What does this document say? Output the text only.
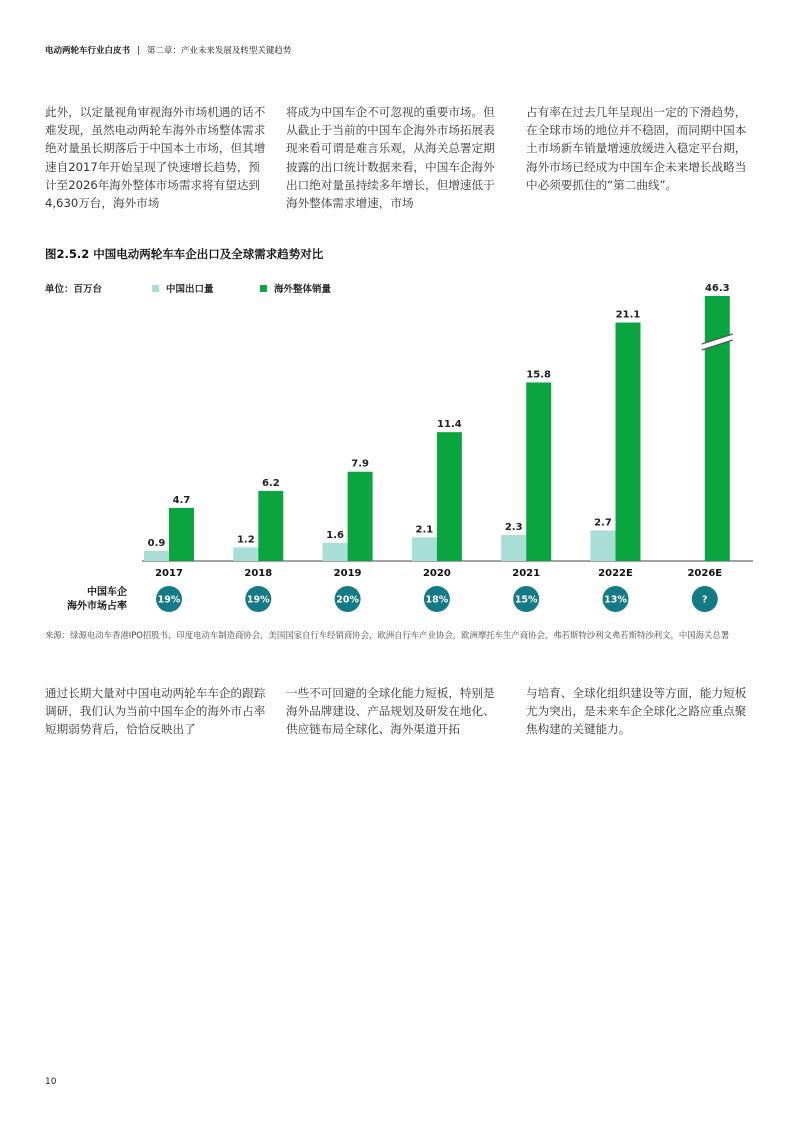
电动两轮车行业白皮书 | 第二章：产业未来发展及转型关键趋势
此外，以定量视角审视海外市场机遇的话不难发现，虽然电动两轮车海外市场整体需求绝对量虽长期落后于中国本土市场，但其增速自2017年开始呈现了快速增长趋势，预计至2026年海外整体市场需求将有望达到4,630万台，海外市场
将成为中国车企不可忽视的重要市场。但从截止于当前的中国车企海外市场拓展表现来看可谓是难言乐观，从海关总署定期披露的出口统计数据来看，中国车企海外出口绝对量虽持续多年增长，但增速低于海外整体需求增速，市场
占有率在过去几年呈现出一定的下滑趋势，在全球市场的地位并不稳固，而同期中国本土市场新车销量增速放缓进入稳定平台期，海外市场已经成为中国车企未来增长战略当中必须要抓住的“第二曲线”。
图2.5.2 中国电动两轮车车企出口及全球需求趋势对比
单位：百万台	中国出口量	海外整体销量
0.9
4.7
2017
19%
1.2
6.2
2018
19%
1.6
7.9
2019
20%
2.1
11.4
2020
18%
2.3
15.8
2021
15%
2.7
21.1
2022E
13%
46.3
2026E
?
中国车企
海外市场占率
来源：绿源电动车香港IPO招股书，印度电动车制造商协会，美国国家自行车经销商协会，欧洲自行车产业协会，欧洲摩托车生产商协会，弗若斯特沙利文弗若斯特沙利文，中国海关总署
通过长期大量对中国电动两轮车车企的跟踪调研，我们认为当前中国车企的海外市占率短期弱势背后，恰恰反映出了
一些不可回避的全球化能力短板，特别是海外品牌建设、产品规划及研发在地化、供应链布局全球化、海外渠道开拓
与培育、全球化组织建设等方面，能力短板尤为突出，是未来车企全球化之路应重点聚焦构建的关键能力。
10
